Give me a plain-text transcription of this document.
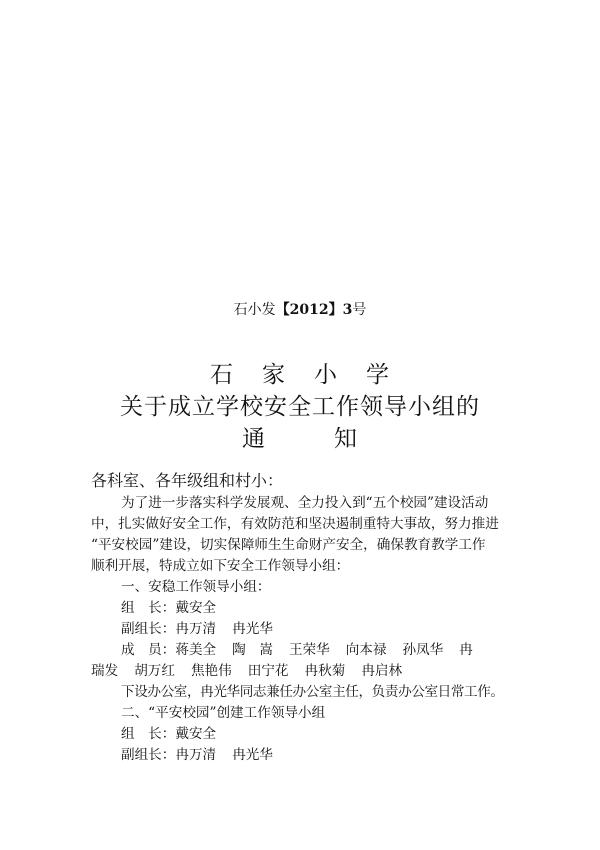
石小发【2012】3号
石 家 小 学
关于成立学校安全工作领导小组的
通	知
各科室、各年级组和村小：
为了进一步落实科学发展观、全力投入到“五个校园”建设活动
中，扎实做好安全工作，有效防范和坚决遏制重特大事故，努力推进
“平安校园”建设，切实保障师生生命财产安全，确保教育教学工作
顺利开展，特成立如下安全工作领导小组：
一、安稳工作领导小组：
组　长：戴安全
副组长：冉万清 冉光华
成　员：蒋美全 陶　嵩 王荣华 向本禄 孙凤华 冉
瑞发 胡万红 焦艳伟 田宁花 冉秋菊 冉启林
下设办公室，冉光华同志兼任办公室主任，负责办公室日常工作。
二、“平安校园”创建工作领导小组
组　长：戴安全
副组长：冉万清 冉光华
